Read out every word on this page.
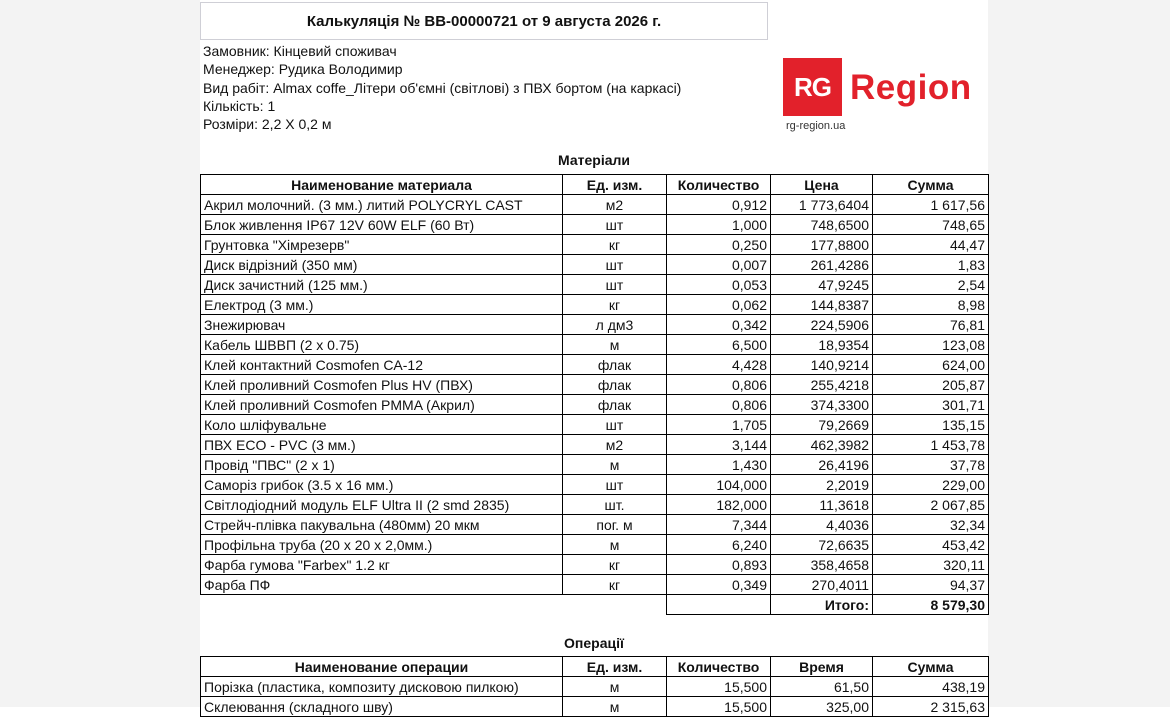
Калькуляція № ВВ-00000721 от 9 августа 2026 г.
Замовник: Кінцевий споживач
Менеджер: Рудика Володимир
Вид рабіт: Almax coffe_Літери об'ємні (світлові) з ПВХ бортом (на каркасі)
Кількість: 1
Розміри: 2,2 Х 0,2 м
RG Region
rg-region.ua
Матеріали
Наименование материала	Ед. изм.	Количество	Цена	Сумма
Акрил молочний. (3 мм.) литий POLYCRYL CAST	м2	0,912	1 773,6404	1 617,56
Блок живлення IP67 12V 60W ELF (60 Вт)	шт	1,000	748,6500	748,65
Грунтовка "Хімрезерв"	кг	0,250	177,8800	44,47
Диск відрізний (350 мм)	шт	0,007	261,4286	1,83
Диск зачистний (125 мм.)	шт	0,053	47,9245	2,54
Електрод (3 мм.)	кг	0,062	144,8387	8,98
Знежирювач	л дм3	0,342	224,5906	76,81
Кабель ШВВП (2 х 0.75)	м	6,500	18,9354	123,08
Клей контактний Cosmofen CA-12	флак	4,428	140,9214	624,00
Клей проливний Cosmofen Plus HV (ПВХ)	флак	0,806	255,4218	205,87
Клей проливний Cosmofen PMMA (Акрил)	флак	0,806	374,3300	301,71
Коло шліфувальне	шт	1,705	79,2669	135,15
ПВХ ECO - PVC (3 мм.)	м2	3,144	462,3982	1 453,78
Провід "ПВС" (2 х 1)	м	1,430	26,4196	37,78
Саморіз грибок (3.5 х 16 мм.)	шт	104,000	2,2019	229,00
Світлодіодний модуль ELF Ultra II (2 smd 2835)	шт.	182,000	11,3618	2 067,85
Стрейч-плівка пакувальна (480мм) 20 мкм	пог. м	7,344	4,4036	32,34
Профільна труба (20 х 20 х 2,0мм.)	м	6,240	72,6635	453,42
Фарба гумова "Farbex" 1.2 кг	кг	0,893	358,4658	320,11
Фарба ПФ	кг	0,349	270,4011	94,37
			Итого:	8 579,30
Операції
Наименование операции	Ед. изм.	Количество	Время	Сумма
Порізка (пластика, композиту дисковою пилкою)	м	15,500	61,50	438,19
Склеювання (складного шву)	м	15,500	325,00	2 315,63
